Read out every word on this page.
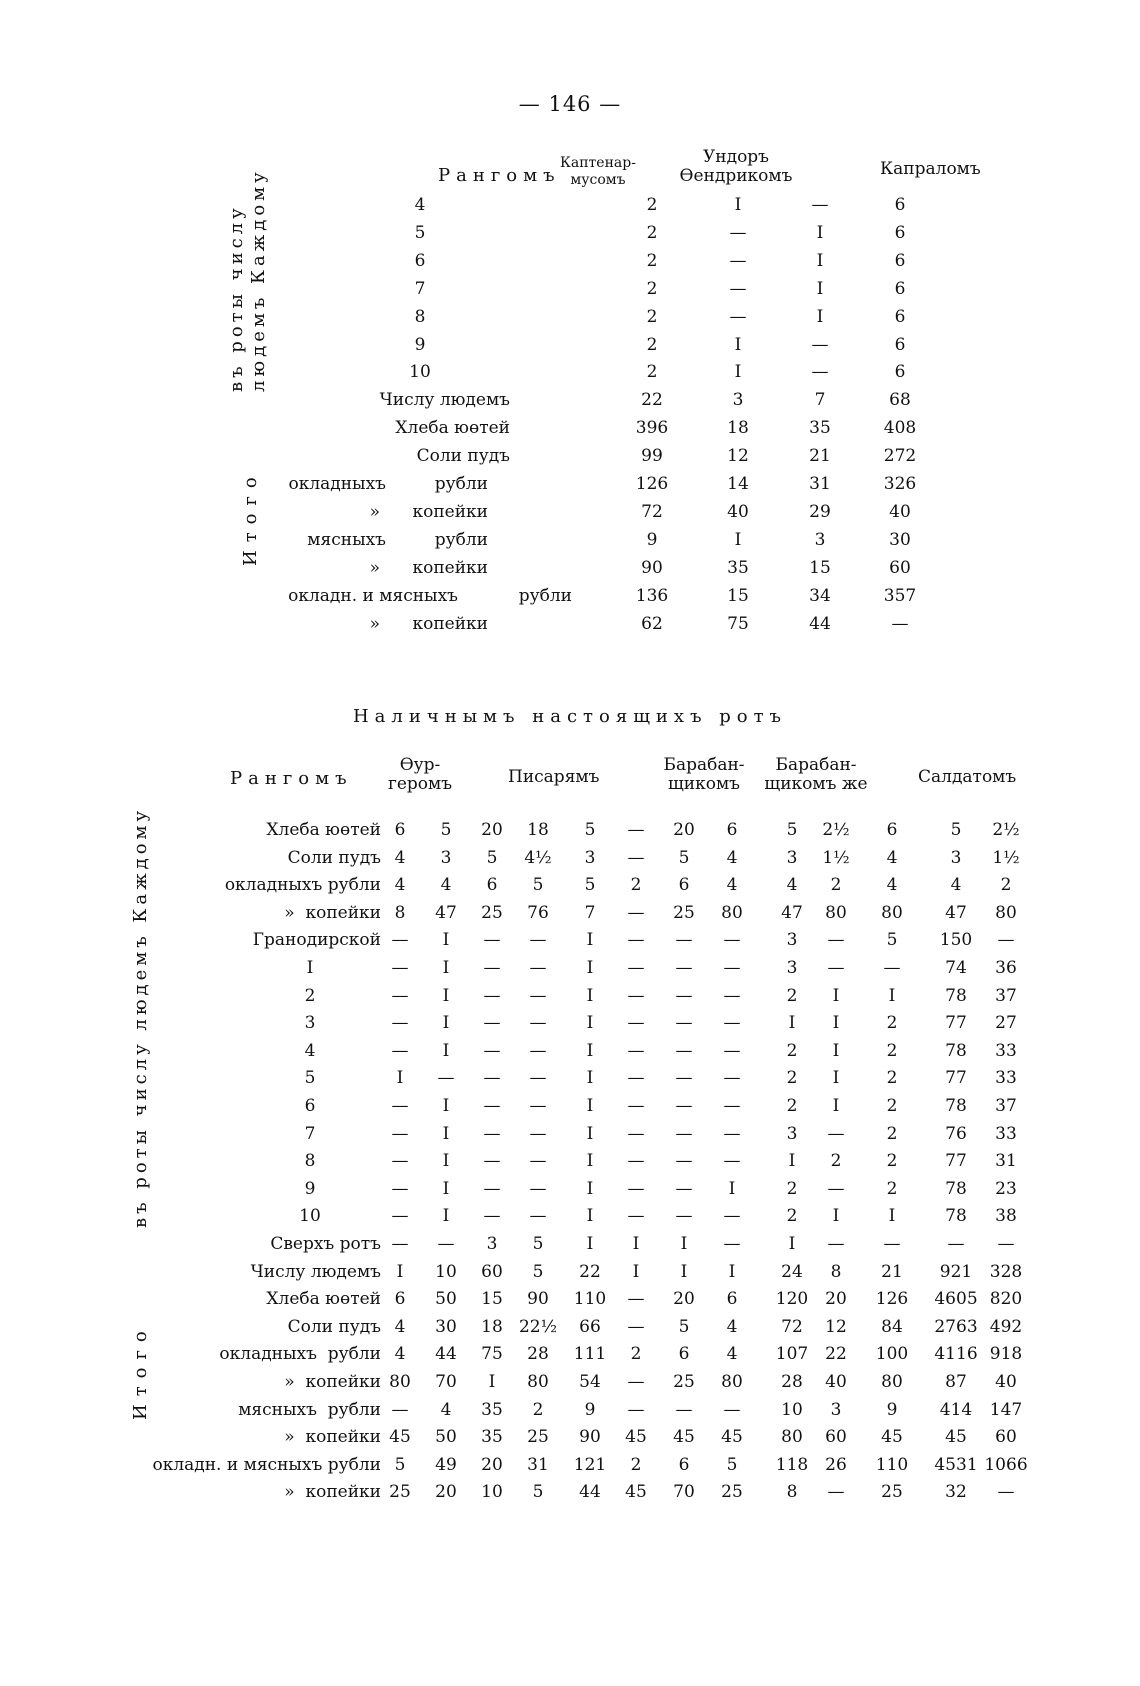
— 146 —
Рангомъ
Каптенар-
мусомъ
Ундоръ
Өендрикомъ	Капраломъ
въ роты числу людемъ Каждому
Итого
4	2	I	—	6
5	2	—	I	6
6	2	—	I	6
7	2	—	I	6
8	2	—	I	6
9	2	I	—	6
10	2	I	—	6
Числу людемъ	22	3	7	68
Хлеба юөтей	396	18	35	408
Соли пудъ	99	12	21	272
окладныхъ	рубли	126	14	31	326
» копейки	72	40	29	40
мясныхъ	рубли	9	I	3	30
» копейки	90	35	15	60
окладн. и мясныхъ	рубли	136	15	34	357
» копейки	62	75	44	—
Наличнымъ настоящихъ ротъ
Рангомъ
Өур-
геромъ	Писарямъ
Барабан-
щикомъ
Барабан-
щикомъ же	Салдатомъ
въ роты числу людемъ Каждому
Итого
Хлеба юөтей 6 5 20 18 5 — 20 6	5 2½ 6	5 2½
Соли пудъ 4 3 5 4½ 3 — 5 4	3 1½ 4	3 1½
окладныхъ рубли 4 4 6 5 5 2 6 4	4 2	4	4 2
»  копейки 8 47 25 76 7 — 25 80 47 80 80 47 80
Гранодирской — I — — I — — —	3 — 5 150 —
I	— I — — I — — —	3 — —	74 36
2	— I — — I — — —	2 I	I	78 37
3	— I — — I — — —	I I	2	77 27
4	— I — — I — — —	2 I	2	78 33
5	I — — — I — — —	2 I	2	77 33
6	— I — — I — — —	2 I	2	78 37
7	— I — — I — — —	3 — 2	76 33
8	— I — — I — — —	I 2	2	77 31
9	— I — — I — — I	2 — 2	78 23
10	— I — — I — — —	2 I	I	78 38
Сверхъ ротъ — — 3 5	I I I —	I — —	— —
Числу людемъ I 10 60 5 22 I I I	24 8 21 921 328
Хлеба юөтей 6 50 15 90 110 — 20 6 120 20 126 4605 820
Соли пудъ 4 30 18 22½ 66 — 5 4	72 12 84 2763 492
окладныхъ  рубли 4 44 75 28 111 2 6 4 107 22 100 4116 918
»  копейки 80 70 I 80 54 — 25 80 28 40 80 87 40
мясныхъ  рубли — 4 35 2 9 — — — 10 3	9 414 147
»  копейки 45 50 35 25 90 45 45 45 80 60 45 45 60
окладн. и мясныхъ рубли 5 49 20 31 121 2 6 5 118 26 110 4531 1066
»  копейки 25 20 10 5 44 45 70 25	8 — 25 32 —
